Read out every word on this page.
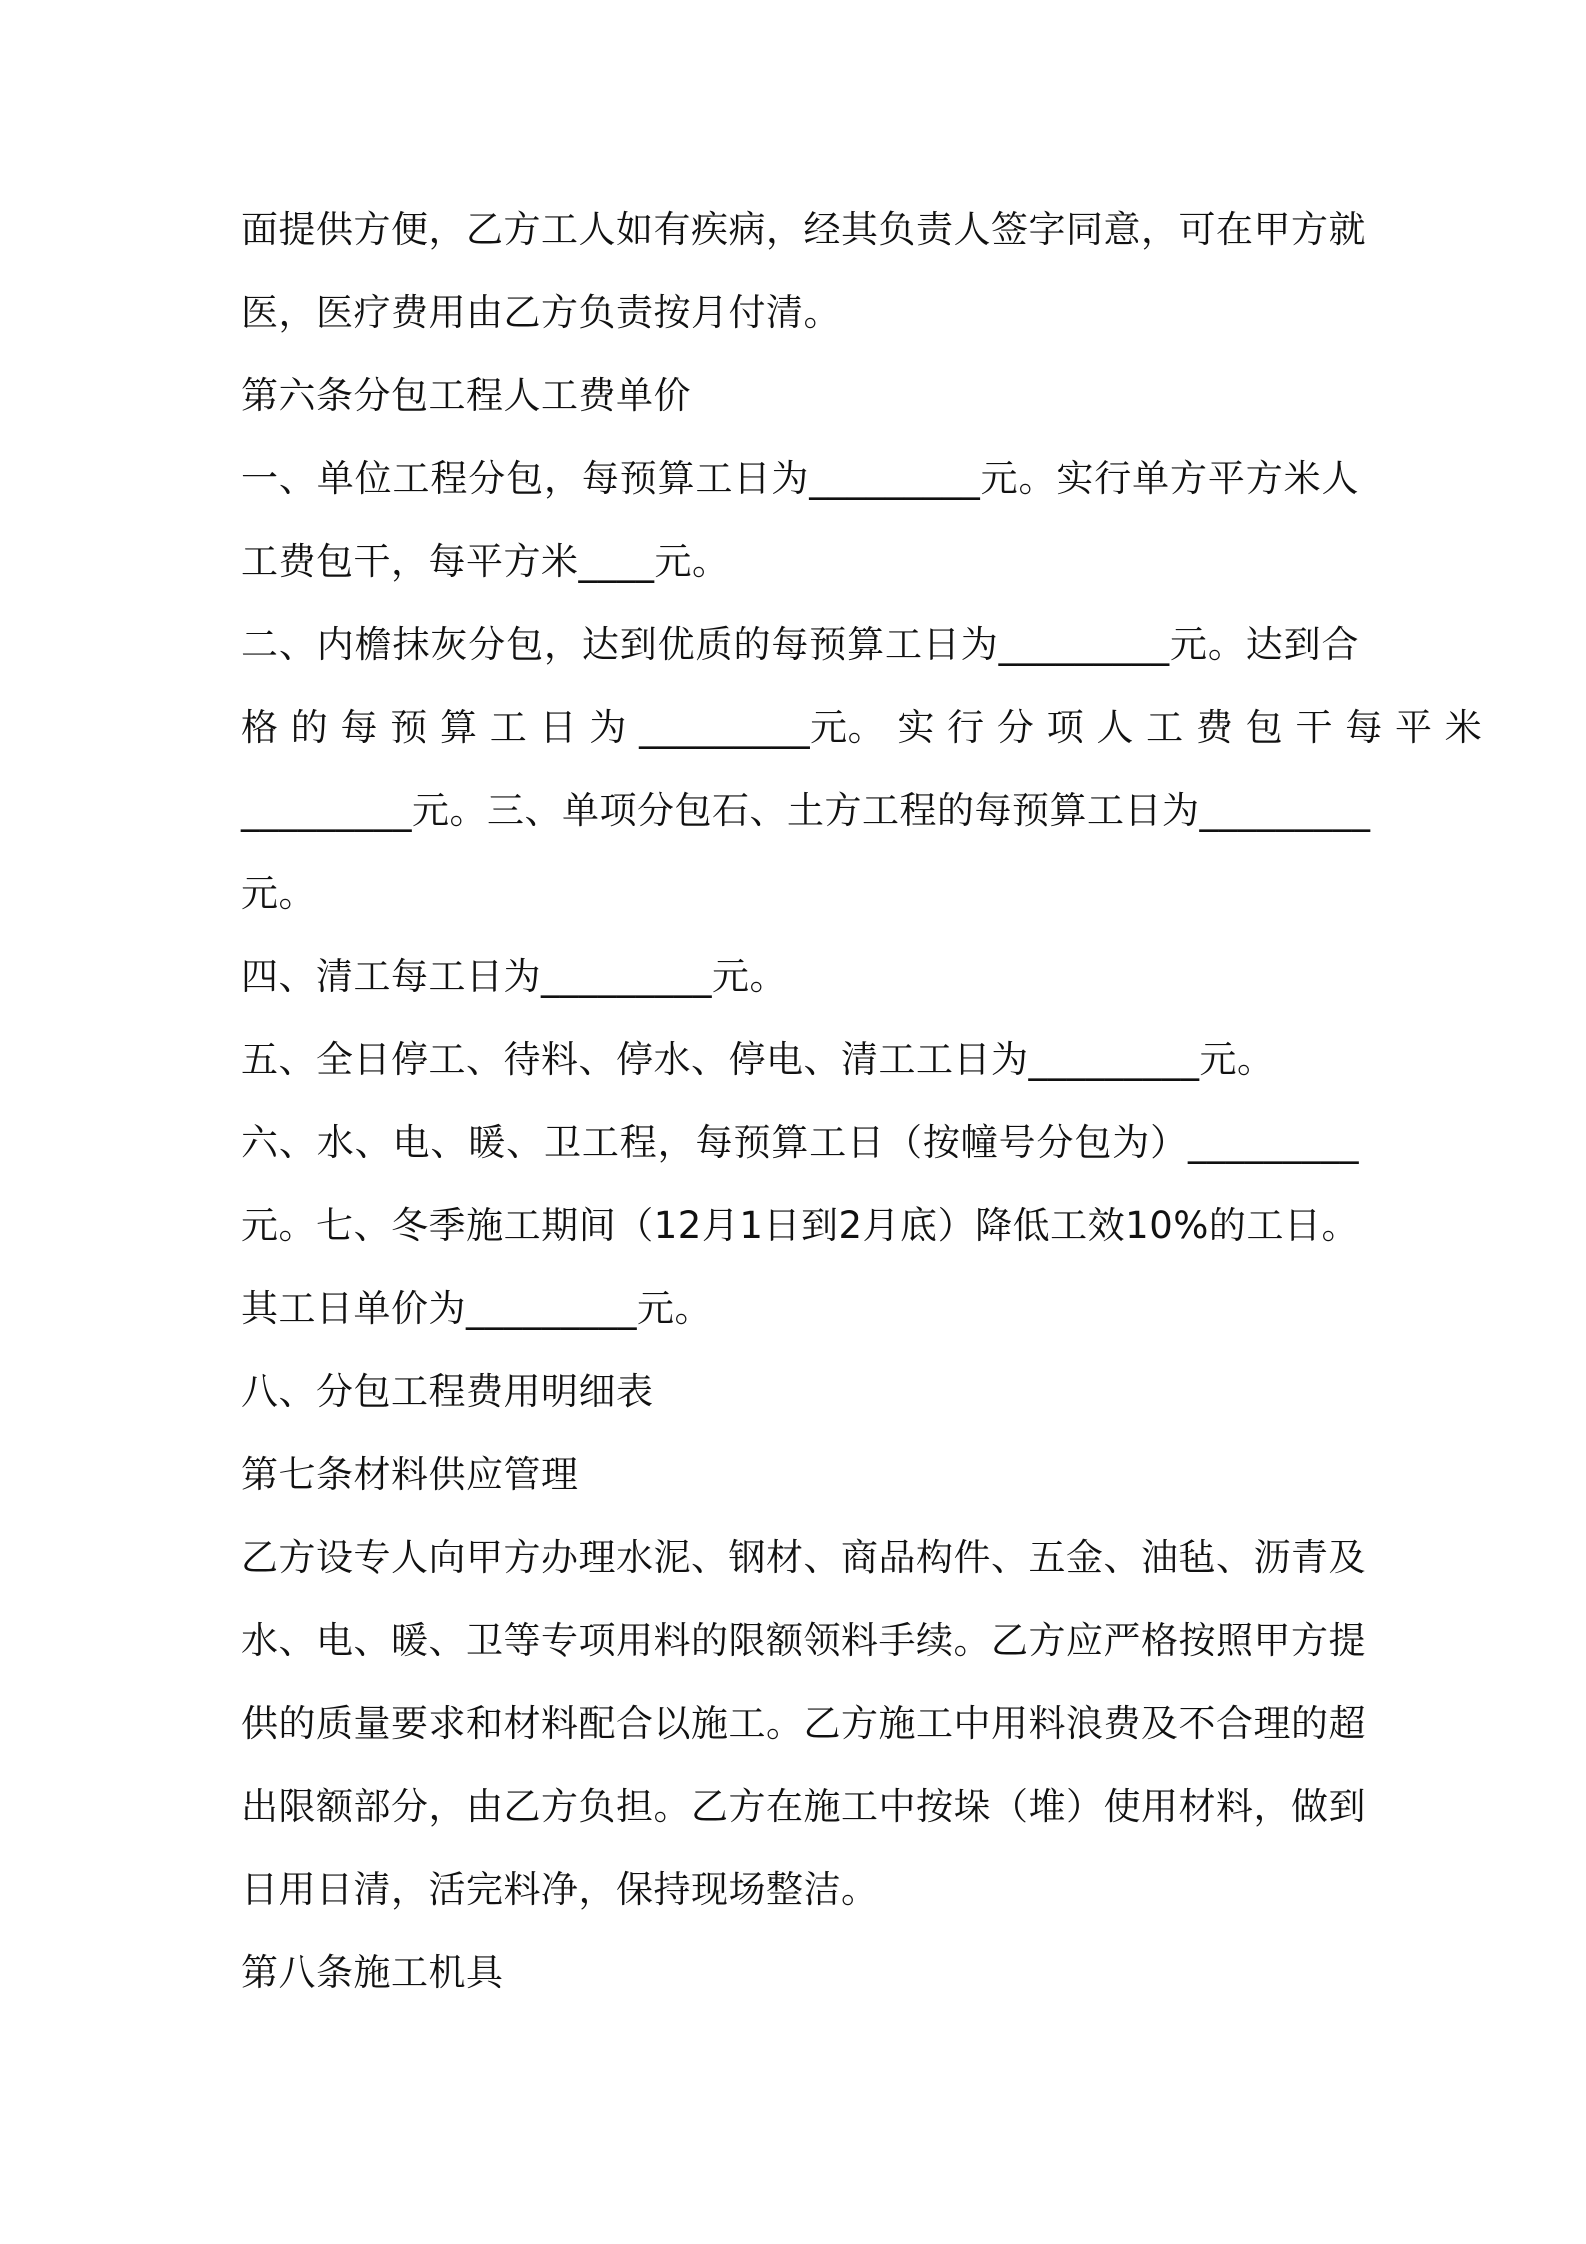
面提供方便，乙方工人如有疾病，经其负责人签字同意，可在甲方就
医，医疗费用由乙方负责按月付清。
第六条分包工程人工费单价
一、单位工程分包，每预算工日为_________元。实行单方平方米人
工费包干，每平方米____元。
二、内檐抹灰分包，达到优质的每预算工日为_________元。达到合
格 的 每 预 算 工 日 为 _________元。 实 行 分 项 人 工 费 包 干 每 平 米
_________元。三、单项分包石、土方工程的每预算工日为_________
元。
四、清工每工日为_________元。
五、全日停工、待料、停水、停电、清工工日为_________元。
六、水、电、暖、卫工程，每预算工日（按幢号分包为）_________
元。七、冬季施工期间（12月1日到2月底）降低工效10%的工日。
其工日单价为_________元。
八、分包工程费用明细表
第七条材料供应管理
乙方设专人向甲方办理水泥、钢材、商品构件、五金、油毡、沥青及
水、电、暖、卫等专项用料的限额领料手续。乙方应严格按照甲方提
供的质量要求和材料配合以施工。乙方施工中用料浪费及不合理的超
出限额部分，由乙方负担。乙方在施工中按垛（堆）使用材料，做到
日用日清，活完料净，保持现场整洁。
第八条施工机具
